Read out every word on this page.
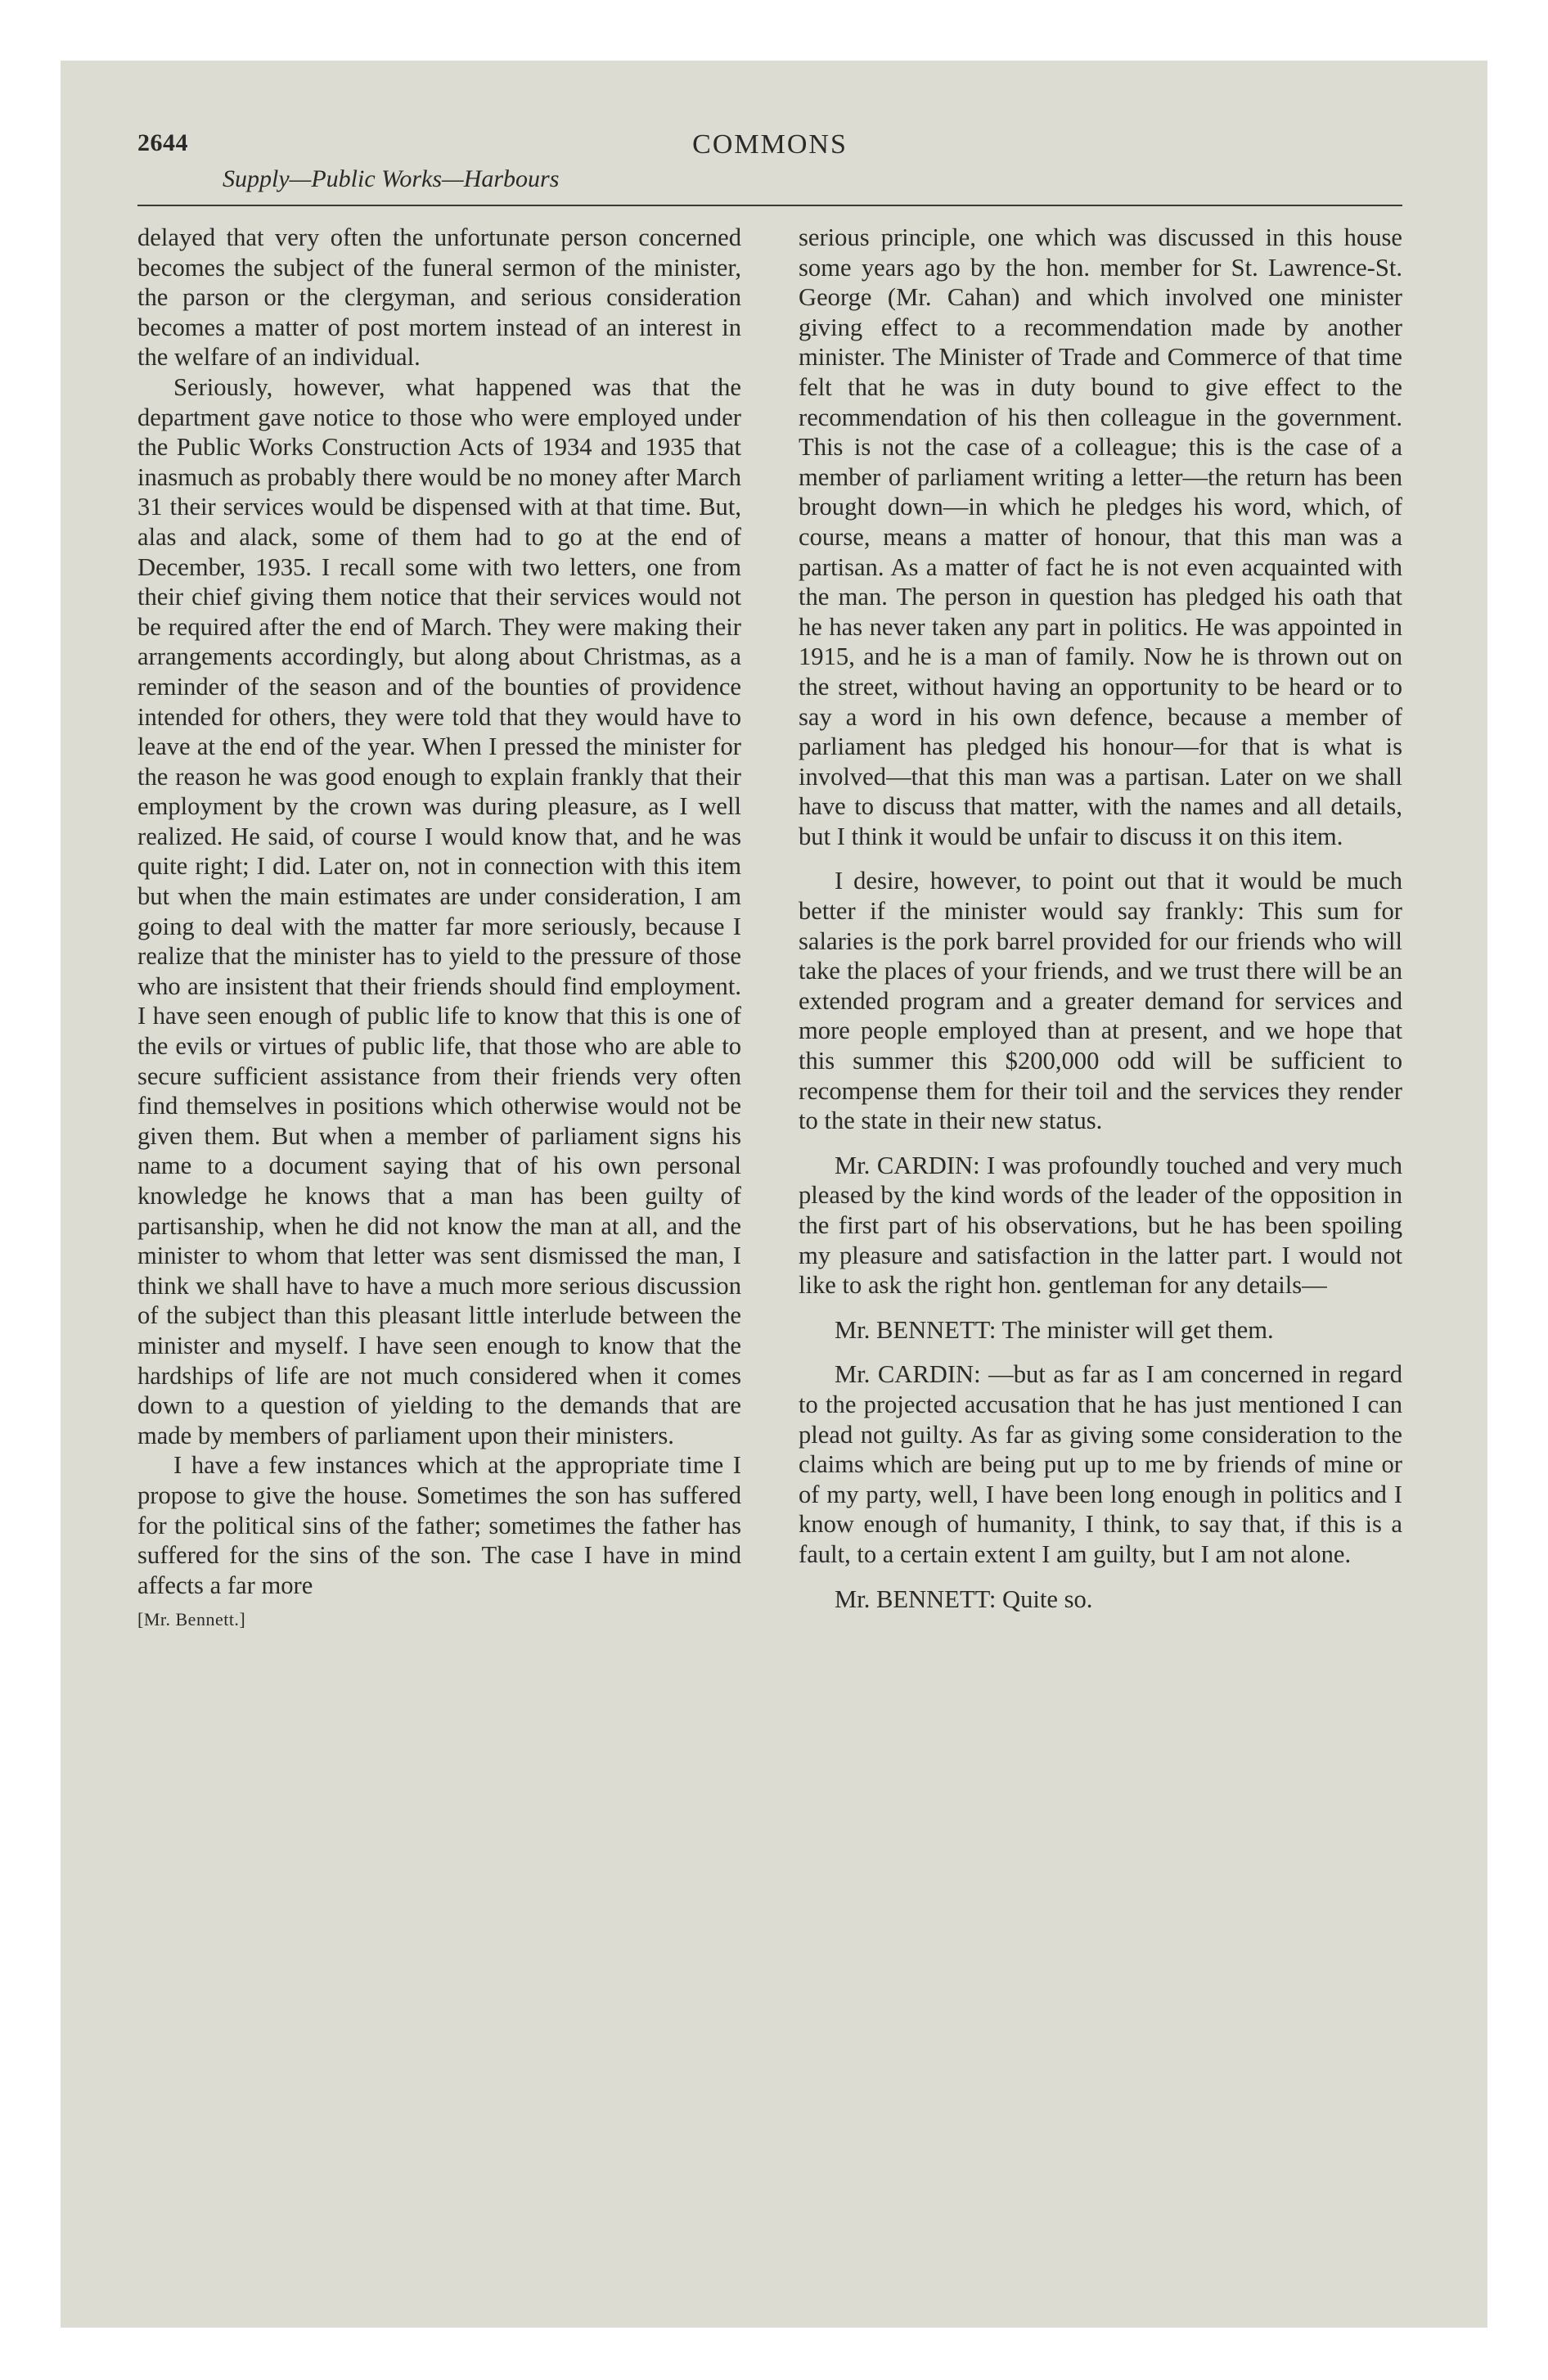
2644	COMMONS
Supply—Public Works—Harbours

delayed that very often the unfortunate person concerned becomes the subject of the funeral sermon of the minister, the parson or the clergyman, and serious consideration becomes a matter of post mortem instead of an interest in the welfare of an individual.

Seriously, however, what happened was that the department gave notice to those who were employed under the Public Works Construction Acts of 1934 and 1935 that inasmuch as probably there would be no money after March 31 their services would be dispensed with at that time. But, alas and alack, some of them had to go at the end of December, 1935. I recall some with two letters, one from their chief giving them notice that their services would not be required after the end of March. They were making their arrangements accordingly, but along about Christmas, as a reminder of the season and of the bounties of providence intended for others, they were told that they would have to leave at the end of the year. When I pressed the minister for the reason he was good enough to explain frankly that their employment by the crown was during pleasure, as I well realized. He said, of course I would know that, and he was quite right; I did. Later on, not in connection with this item but when the main estimates are under consideration, I am going to deal with the matter far more seriously, because I realize that the minister has to yield to the pressure of those who are insistent that their friends should find employment. I have seen enough of public life to know that this is one of the evils or virtues of public life, that those who are able to secure sufficient assistance from their friends very often find themselves in positions which otherwise would not be given them. But when a member of parliament signs his name to a document saying that of his own personal knowledge he knows that a man has been guilty of partisanship, when he did not know the man at all, and the minister to whom that letter was sent dismissed the man, I think we shall have to have a much more serious discussion of the subject than this pleasant little interlude between the minister and myself. I have seen enough to know that the hardships of life are not much considered when it comes down to a question of yielding to the demands that are made by members of parliament upon their ministers.

I have a few instances which at the appropriate time I propose to give the house. Sometimes the son has suffered for the political sins of the father; sometimes the father has suffered for the sins of the son. The case I have in mind affects a far more

[Mr. Bennett.]

serious principle, one which was discussed in this house some years ago by the hon. member for St. Lawrence-St. George (Mr. Cahan) and which involved one minister giving effect to a recommendation made by another minister. The Minister of Trade and Commerce of that time felt that he was in duty bound to give effect to the recommendation of his then colleague in the government. This is not the case of a colleague; this is the case of a member of parliament writing a letter—the return has been brought down—in which he pledges his word, which, of course, means a matter of honour, that this man was a partisan. As a matter of fact he is not even acquainted with the man. The person in question has pledged his oath that he has never taken any part in politics. He was appointed in 1915, and he is a man of family. Now he is thrown out on the street, without having an opportunity to be heard or to say a word in his own defence, because a member of parliament has pledged his honour—for that is what is involved—that this man was a partisan. Later on we shall have to discuss that matter, with the names and all details, but I think it would be unfair to discuss it on this item.

I desire, however, to point out that it would be much better if the minister would say frankly: This sum for salaries is the pork barrel provided for our friends who will take the places of your friends, and we trust there will be an extended program and a greater demand for services and more people employed than at present, and we hope that this summer this $200,000 odd will be sufficient to recompense them for their toil and the services they render to the state in their new status.

Mr. CARDIN: I was profoundly touched and very much pleased by the kind words of the leader of the opposition in the first part of his observations, but he has been spoiling my pleasure and satisfaction in the latter part. I would not like to ask the right hon. gentleman for any details—

Mr. BENNETT: The minister will get them.

Mr. CARDIN: —but as far as I am concerned in regard to the projected accusation that he has just mentioned I can plead not guilty. As far as giving some consideration to the claims which are being put up to me by friends of mine or of my party, well, I have been long enough in politics and I know enough of humanity, I think, to say that, if this is a fault, to a certain extent I am guilty, but I am not alone.

Mr. BENNETT: Quite so.
